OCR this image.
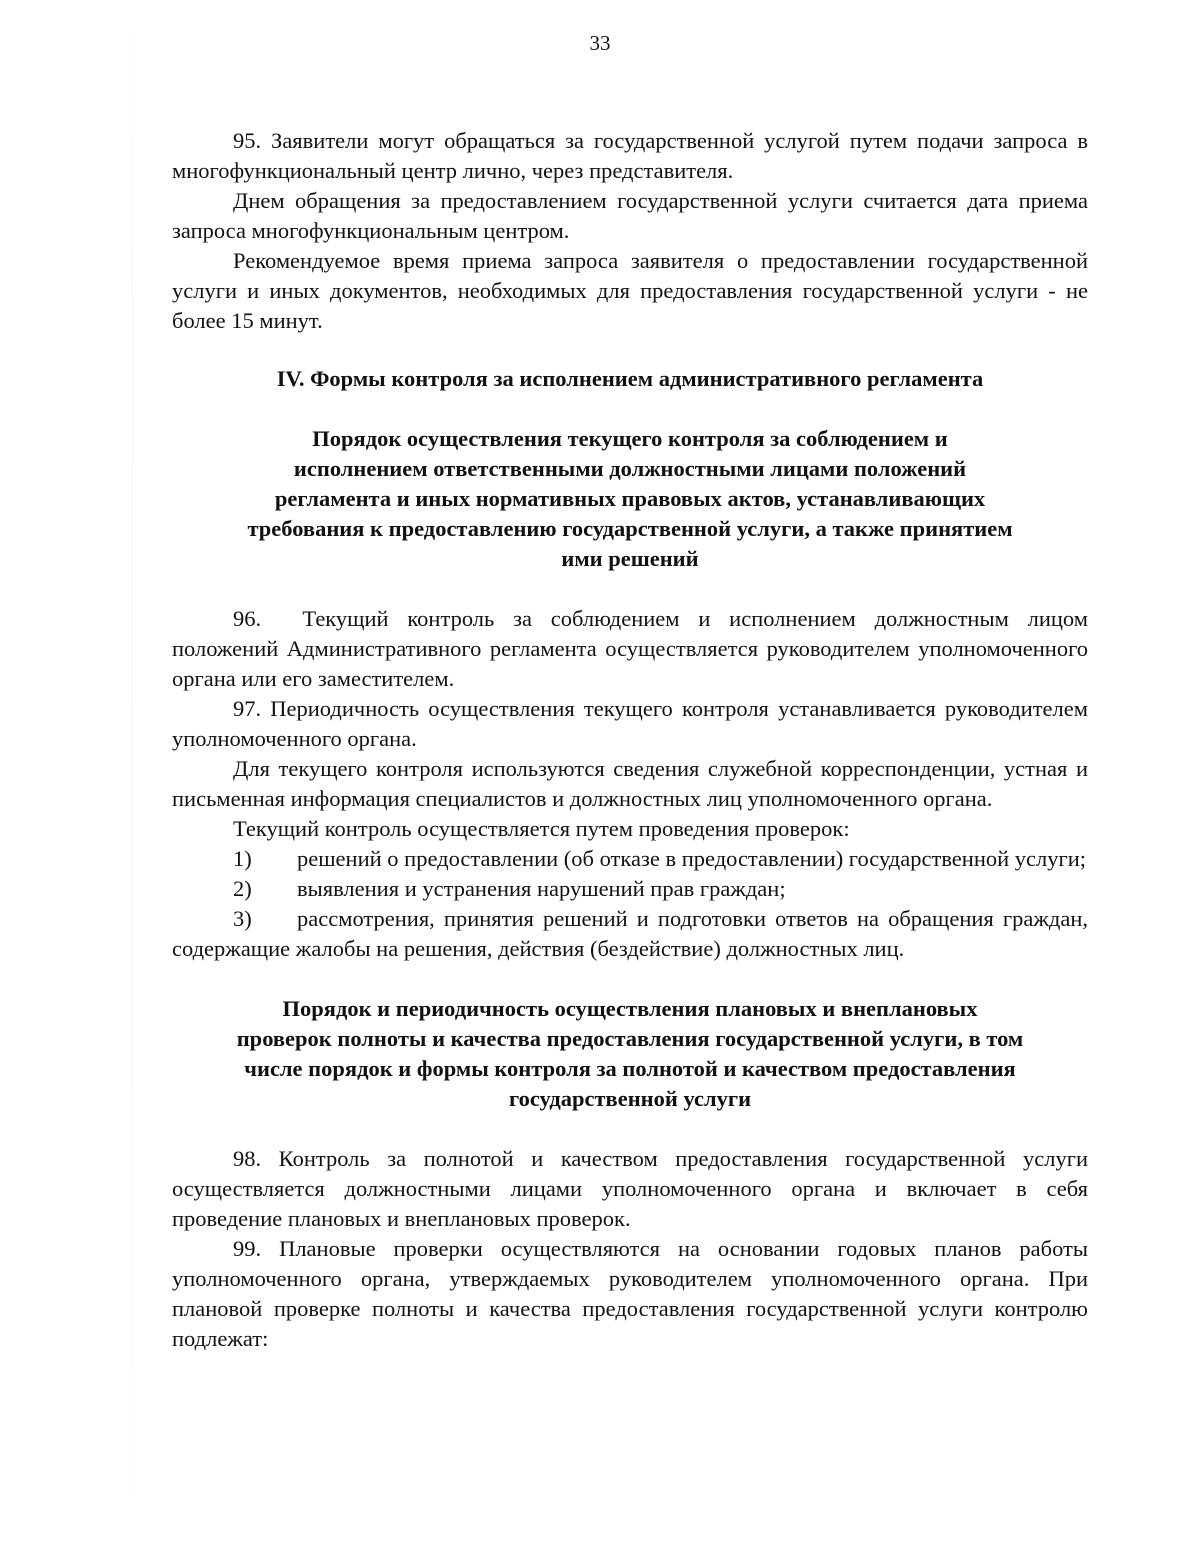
33

95. Заявители могут обращаться за государственной услугой путем подачи запроса в многофункциональный центр лично, через представителя.

Днем обращения за предоставлением государственной услуги считается дата приема запроса многофункциональным центром.

Рекомендуемое время приема запроса заявителя о предоставлении государственной услуги и иных документов, необходимых для предоставления государственной услуги - не более 15 минут.

IV. Формы контроля за исполнением административного регламента

Порядок осуществления текущего контроля за соблюдением и
исполнением ответственными должностными лицами положений
регламента и иных нормативных правовых актов, устанавливающих
требования к предоставлению государственной услуги, а также принятием
ими решений

96.  Текущий контроль за соблюдением и исполнением должностным лицом положений Административного регламента осуществляется руководителем уполномоченного органа или его заместителем.

97. Периодичность осуществления текущего контроля устанавливается руководителем уполномоченного органа.

Для текущего контроля используются сведения служебной корреспонденции, устная и письменная информация специалистов и должностных лиц уполномоченного органа.

Текущий контроль осуществляется путем проведения проверок:

1) решений о предоставлении (об отказе в предоставлении) государственной услуги;

2) выявления и устранения нарушений прав граждан;

3) рассмотрения, принятия решений и подготовки ответов на обращения граждан, содержащие жалобы на решения, действия (бездействие) должностных лиц.

Порядок и периодичность осуществления плановых и внеплановых
проверок полноты и качества предоставления государственной услуги, в том
числе порядок и формы контроля за полнотой и качеством предоставления
государственной услуги

98. Контроль за полнотой и качеством предоставления государственной услуги осуществляется должностными лицами уполномоченного органа и включает в себя проведение плановых и внеплановых проверок.

99. Плановые проверки осуществляются на основании годовых планов работы уполномоченного органа, утверждаемых руководителем уполномоченного органа. При плановой проверке полноты и качества предоставления государственной услуги контролю подлежат:
